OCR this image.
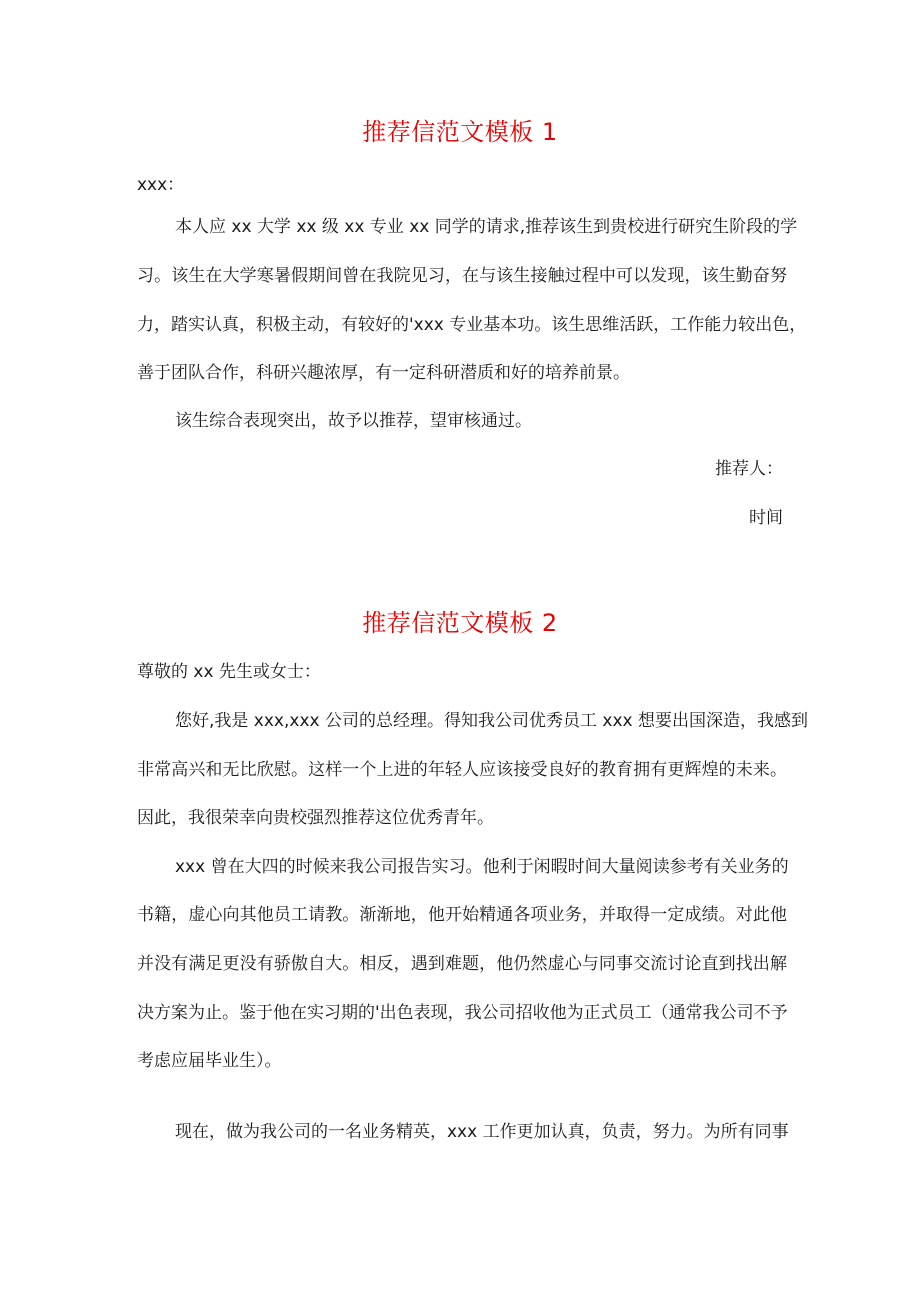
推荐信范文模板 1
xxx：
本人应 xx 大学 xx 级 xx 专业 xx 同学的请求,推荐该生到贵校进行研究生阶段的学
习。该生在大学寒暑假期间曾在我院见习，在与该生接触过程中可以发现，该生勤奋努
力，踏实认真，积极主动，有较好的'xxx 专业基本功。该生思维活跃，工作能力较出色，
善于团队合作，科研兴趣浓厚，有一定科研潜质和好的培养前景。
该生综合表现突出，故予以推荐，望审核通过。
推荐人：
时间
推荐信范文模板 2
尊敬的 xx 先生或女士：
您好,我是 xxx,xxx 公司的总经理。得知我公司优秀员工 xxx 想要出国深造，我感到
非常高兴和无比欣慰。这样一个上进的年轻人应该接受良好的教育拥有更辉煌的未来。
因此，我很荣幸向贵校强烈推荐这位优秀青年。
xxx 曾在大四的时候来我公司报告实习。他利于闲暇时间大量阅读参考有关业务的
书籍，虚心向其他员工请教。渐渐地，他开始精通各项业务，并取得一定成绩。对此他
并没有满足更没有骄傲自大。相反，遇到难题，他仍然虚心与同事交流讨论直到找出解
决方案为止。鉴于他在实习期的'出色表现，我公司招收他为正式员工（通常我公司不予
考虑应届毕业生）。
现在，做为我公司的一名业务精英，xxx 工作更加认真，负责，努力。为所有同事
